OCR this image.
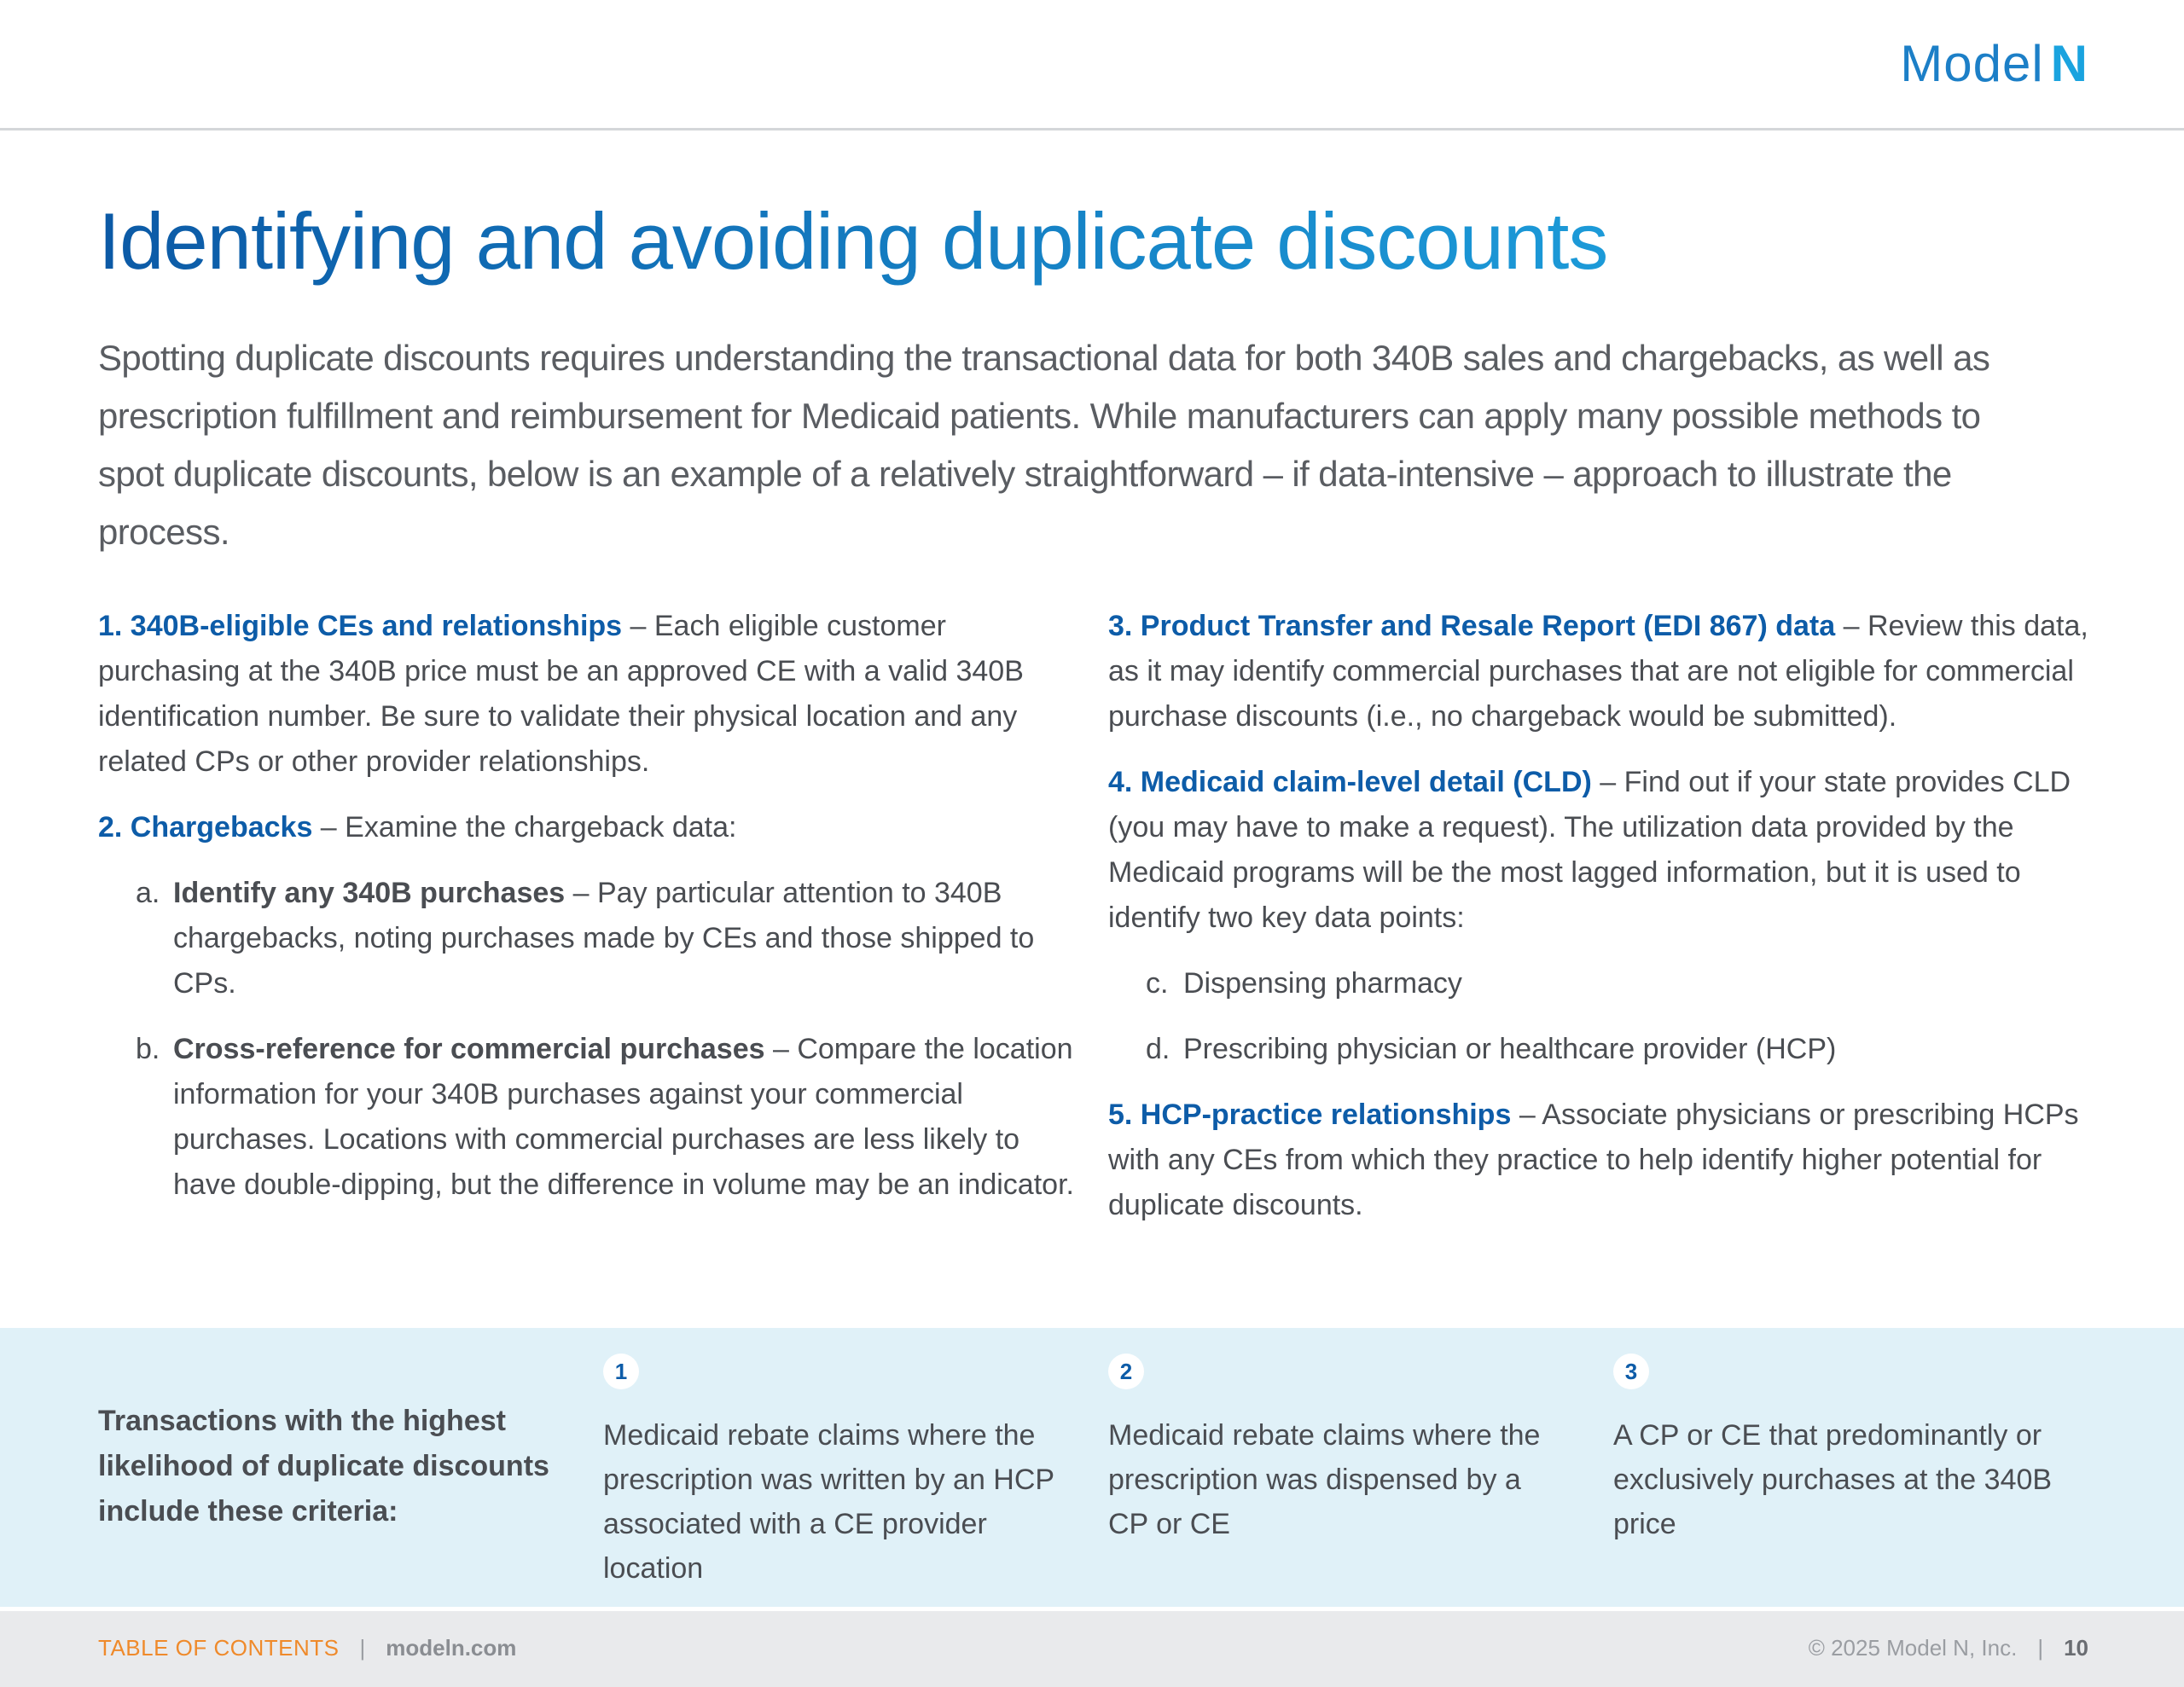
Model N
Identifying and avoiding duplicate discounts

Spotting duplicate discounts requires understanding the transactional data for both 340B sales and chargebacks, as well as prescription fulfillment and reimbursement for Medicaid patients. While manufacturers can apply many possible methods to spot duplicate discounts, below is an example of a relatively straightforward – if data-intensive – approach to illustrate the process.

1. 340B-eligible CEs and relationships – Each eligible customer purchasing at the 340B price must be an approved CE with a valid 340B identification number. Be sure to validate their physical location and any related CPs or other provider relationships.

2. Chargebacks – Examine the chargeback data:

a. Identify any 340B purchases – Pay particular attention to 340B chargebacks, noting purchases made by CEs and those shipped to CPs.
b. Cross-reference for commercial purchases – Compare the location information for your 340B purchases against your commercial purchases. Locations with commercial purchases are less likely to have double-dipping, but the difference in volume may be an indicator.

3. Product Transfer and Resale Report (EDI 867) data – Review this data, as it may identify commercial purchases that are not eligible for commercial purchase discounts (i.e., no chargeback would be submitted).

4. Medicaid claim-level detail (CLD) – Find out if your state provides CLD (you may have to make a request). The utilization data provided by the Medicaid programs will be the most lagged information, but it is used to identify two key data points:

c. Dispensing pharmacy
d. Prescribing physician or healthcare provider (HCP)

5. HCP-practice relationships – Associate physicians or prescribing HCPs with any CEs from which they practice to help identify higher potential for duplicate discounts.

Transactions with the highest likelihood of duplicate discounts include these criteria:
1
Medicaid rebate claims where the prescription was written by an HCP associated with a CE provider location
2
Medicaid rebate claims where the prescription was dispensed by a CP or CE
3
A CP or CE that predominantly or exclusively purchases at the 340B price
TABLE OF CONTENTS | modeln.com	© 2025 Model N, Inc. | 10
